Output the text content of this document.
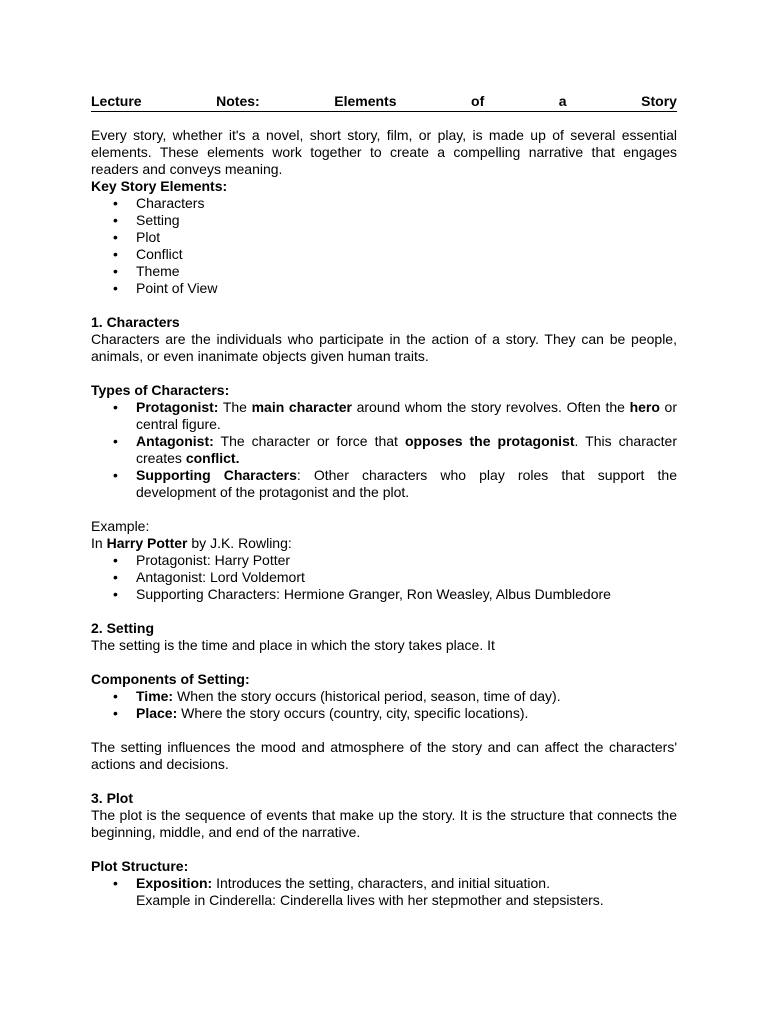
Lecture	Notes:	Elements	of	a	Story

Every story, whether it's a novel, short story, film, or play, is made up of several essential elements. These elements work together to create a compelling narrative that engages readers and conveys meaning.

Key Story Elements:
• Characters
• Setting
• Plot
• Conflict
• Theme
• Point of View
1. Characters

Characters are the individuals who participate in the action of a story. They can be people, animals, or even inanimate objects given human traits.

Types of Characters:
• Protagonist: The main character around whom the story revolves. Often the hero or central figure.
• Antagonist: The character or force that opposes the protagonist. This character creates conflict.
• Supporting Characters: Other characters who play roles that support the development of the protagonist and the plot.

Example:

In Harry Potter by J.K. Rowling:

• Protagonist: Harry Potter
• Antagonist: Lord Voldemort
• Supporting Characters: Hermione Granger, Ron Weasley, Albus Dumbledore
2. Setting

The setting is the time and place in which the story takes place. It

Components of Setting:
• Time: When the story occurs (historical period, season, time of day).
• Place: Where the story occurs (country, city, specific locations).

The setting influences the mood and atmosphere of the story and can affect the characters' actions and decisions.

3. Plot

The plot is the sequence of events that make up the story. It is the structure that connects the beginning, middle, and end of the narrative.

Plot Structure:
• Exposition: Introduces the setting, characters, and initial situation.
Example in Cinderella: Cinderella lives with her stepmother and stepsisters.
